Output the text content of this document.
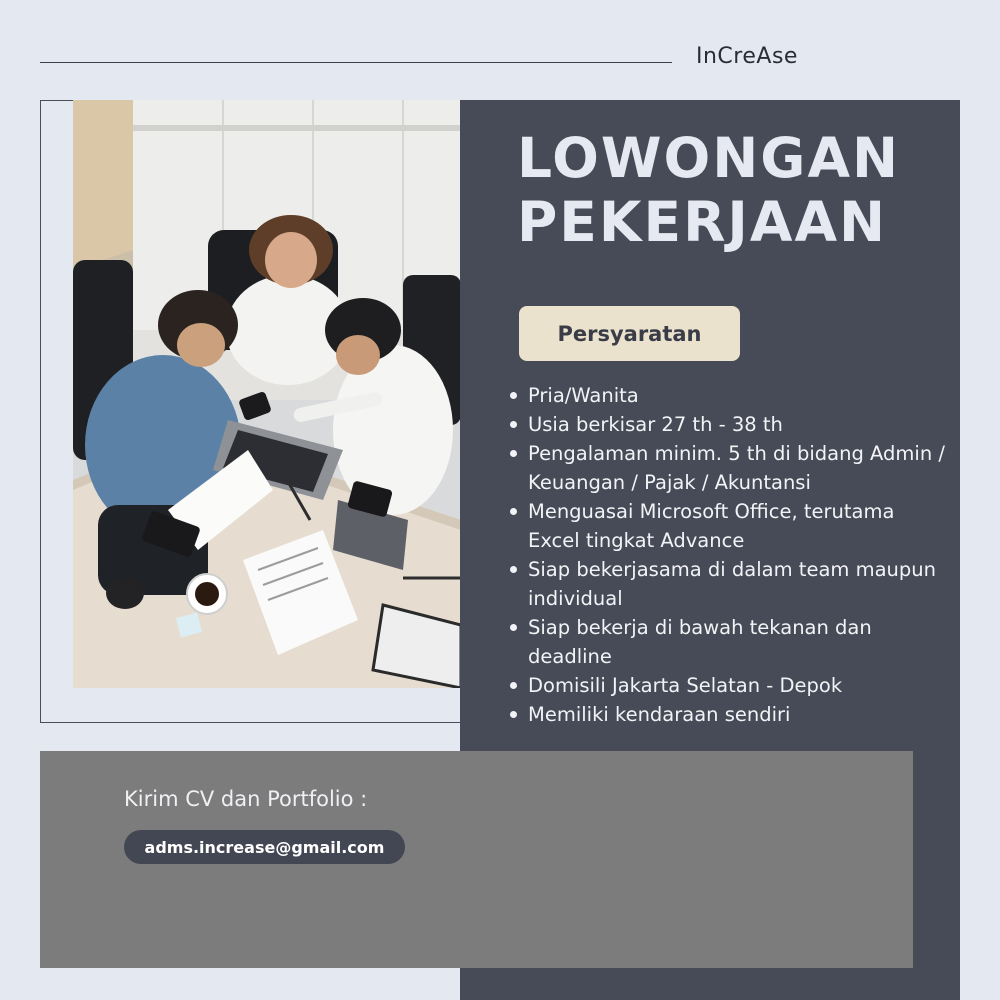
InCreAse
LOWONGAN
PEKERJAAN
Persyaratan
Pria/Wanita
Usia berkisar 27 th - 38 th
Pengalaman minim. 5 th di bidang Admin / Keuangan / Pajak / Akuntansi
Menguasai Microsoft Office, terutama Excel tingkat Advance
Siap bekerjasama di dalam team maupun individual
Siap bekerja di bawah tekanan dan deadline
Domisili Jakarta Selatan - Depok
Memiliki kendaraan sendiri
Kirim CV dan Portfolio :
adms.increase@gmail.com
